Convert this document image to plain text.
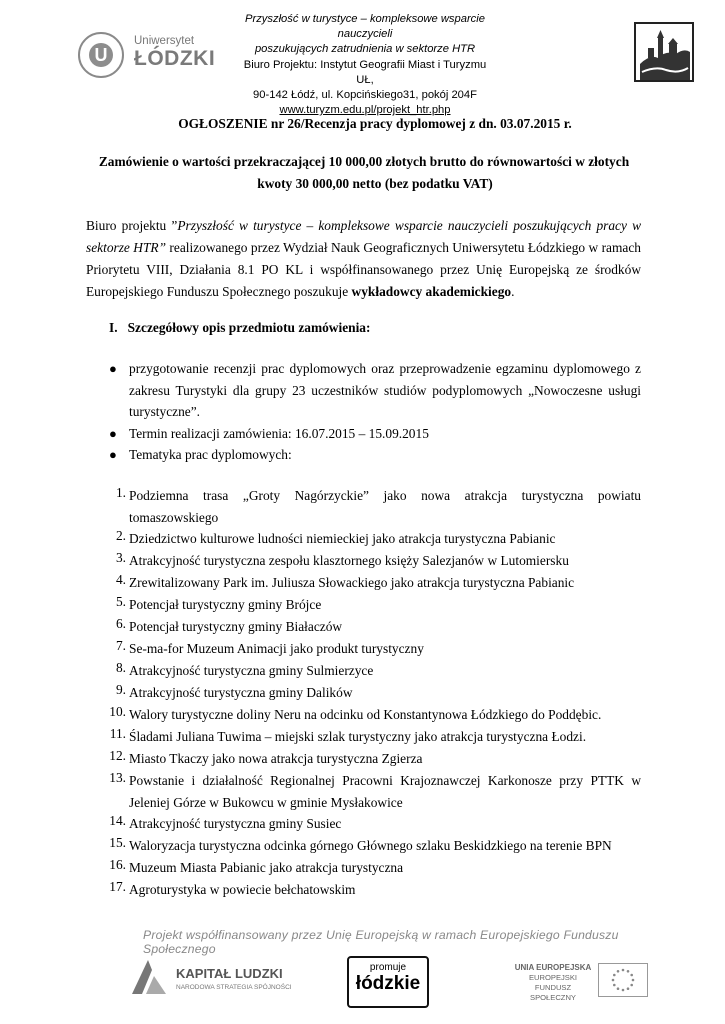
U
Uniwersytet
ŁÓDZKI
Przyszłość w turystyce – kompleksowe wsparcie nauczycieli
poszukujących zatrudnienia w sektorze HTR
Biuro Projektu: Instytut Geografii Miast i Turyzmu UŁ,
90-142 Łódź, ul. Kopcińskiego31, pokój 204F
www.turyzm.edu.pl/projekt_htr.php
OGŁOSZENIE nr 26/Recenzja pracy dyplomowej z dn. 03.07.2015 r.
Zamówienie o wartości przekraczającej 10 000,00 złotych brutto do równowartości w złotych
kwoty 30 000,00 netto (bez podatku VAT)
Biuro projektu ”Przyszłość w turystyce – kompleksowe wsparcie nauczycieli poszukujących pracy w sektorze HTR” realizowanego przez Wydział Nauk Geograficznych Uniwersytetu Łódzkiego w ramach Priorytetu VIII, Działania 8.1 PO KL i współfinansowanego przez Unię Europejską ze środków Europejskiego Funduszu Społecznego poszukuje wykładowcy akademickiego.
I. Szczegółowy opis przedmiotu zamówienia:
● przygotowanie recenzji prac dyplomowych oraz przeprowadzenie egzaminu dyplomowego z zakresu Turystyki dla grupy 23 uczestników studiów podyplomowych „Nowoczesne usługi turystyczne”.
● Termin realizacji zamówienia: 16.07.2015 – 15.09.2015
● Tematyka prac dyplomowych:
1. Podziemna trasa „Groty Nagórzyckie” jako nowa atrakcja turystyczna powiatu tomaszowskiego
2. Dziedzictwo kulturowe ludności niemieckiej jako atrakcja turystyczna Pabianic
3. Atrakcyjność turystyczna zespołu klasztornego księży Salezjanów w Lutomiersku
4. Zrewitalizowany Park im. Juliusza Słowackiego jako atrakcja turystyczna Pabianic
5. Potencjał turystyczny gminy Brójce
6. Potencjał turystyczny gminy Białaczów
7. Se-ma-for Muzeum Animacji jako produkt turystyczny
8. Atrakcyjność turystyczna gminy Sulmierzyce
9. Atrakcyjność turystyczna gminy Dalików
10. Walory turystyczne doliny Neru na odcinku od Konstantynowa Łódzkiego do Poddębic.
11. Śladami Juliana Tuwima – miejski szlak turystyczny jako atrakcja turystyczna Łodzi.
12. Miasto Tkaczy jako nowa atrakcja turystyczna Zgierza
13. Powstanie i działalność Regionalnej Pracowni Krajoznawczej Karkonosze przy PTTK w Jeleniej Górze w Bukowcu w gminie Mysłakowice
14. Atrakcyjność turystyczna gminy Susiec
15. Waloryzacja turystyczna odcinka górnego Głównego szlaku Beskidzkiego na terenie BPN
16. Muzeum Miasta Pabianic jako atrakcja turystyczna
17. Agroturystyka w powiecie bełchatowskim
Projekt współfinansowany przez Unię Europejską w ramach Europejskiego Funduszu Społecznego
KAPITAŁ LUDZKI
NARODOWA STRATEGIA SPÓJNOŚCI
promuje
łódzkie
UNIA EUROPEJSKA
EUROPEJSKI
FUNDUSZ SPOŁECZNY
